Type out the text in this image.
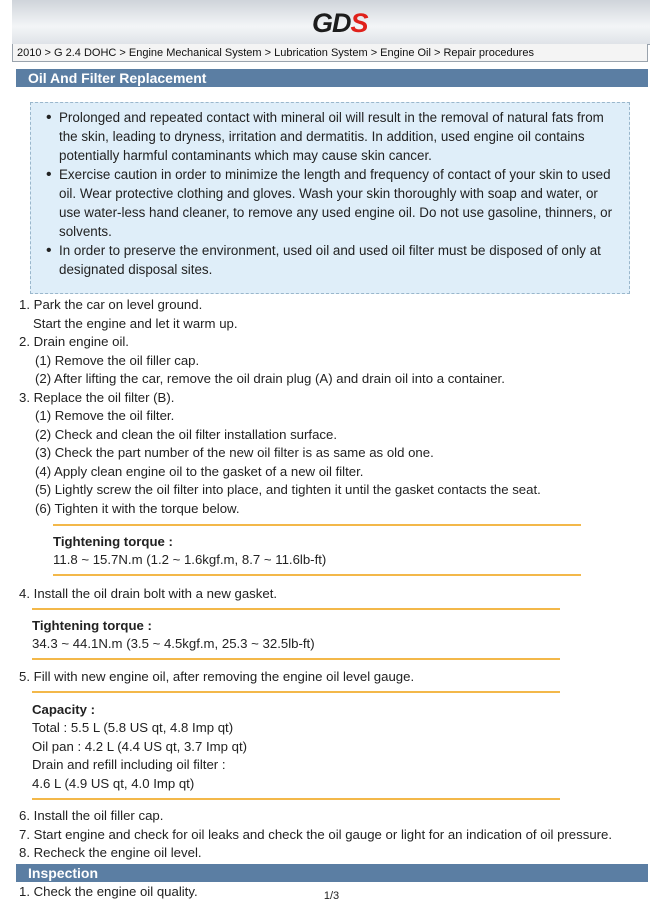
GDS
2010 > G 2.4 DOHC > Engine Mechanical System > Lubrication System > Engine Oil > Repair procedures
Oil And Filter Replacement
• Prolonged and repeated contact with mineral oil will result in the removal of natural fats from the skin, leading to dryness, irritation and dermatitis. In addition, used engine oil contains potentially harmful contaminants which may cause skin cancer.
• Exercise caution in order to minimize the length and frequency of contact of your skin to used oil. Wear protective clothing and gloves. Wash your skin thoroughly with soap and water, or use water-less hand cleaner, to remove any used engine oil. Do not use gasoline, thinners, or solvents.
• In order to preserve the environment, used oil and used oil filter must be disposed of only at designated disposal sites.
1. Park the car on level ground.
Start the engine and let it warm up.
2. Drain engine oil.
(1) Remove the oil filler cap.
(2) After lifting the car, remove the oil drain plug (A) and drain oil into a container.
3. Replace the oil filter (B).
(1) Remove the oil filter.
(2) Check and clean the oil filter installation surface.
(3) Check the part number of the new oil filter is as same as old one.
(4) Apply clean engine oil to the gasket of a new oil filter.
(5) Lightly screw the oil filter into place, and tighten it until the gasket contacts the seat.
(6) Tighten it with the torque below.
Tightening torque :
11.8 ~ 15.7N.m (1.2 ~ 1.6kgf.m, 8.7 ~ 11.6lb-ft)
4. Install the oil drain bolt with a new gasket.
Tightening torque :
34.3 ~ 44.1N.m (3.5 ~ 4.5kgf.m, 25.3 ~ 32.5lb-ft)
5. Fill with new engine oil, after removing the engine oil level gauge.
Capacity :
Total : 5.5 L (5.8 US qt, 4.8 Imp qt)
Oil pan : 4.2 L (4.4 US qt, 3.7 Imp qt)
Drain and refill including oil filter :
4.6 L (4.9 US qt, 4.0 Imp qt)
6. Install the oil filler cap.
7. Start engine and check for oil leaks and check the oil gauge or light for an indication of oil pressure.
8. Recheck the engine oil level.
Inspection
1. Check the engine oil quality.	1/3
